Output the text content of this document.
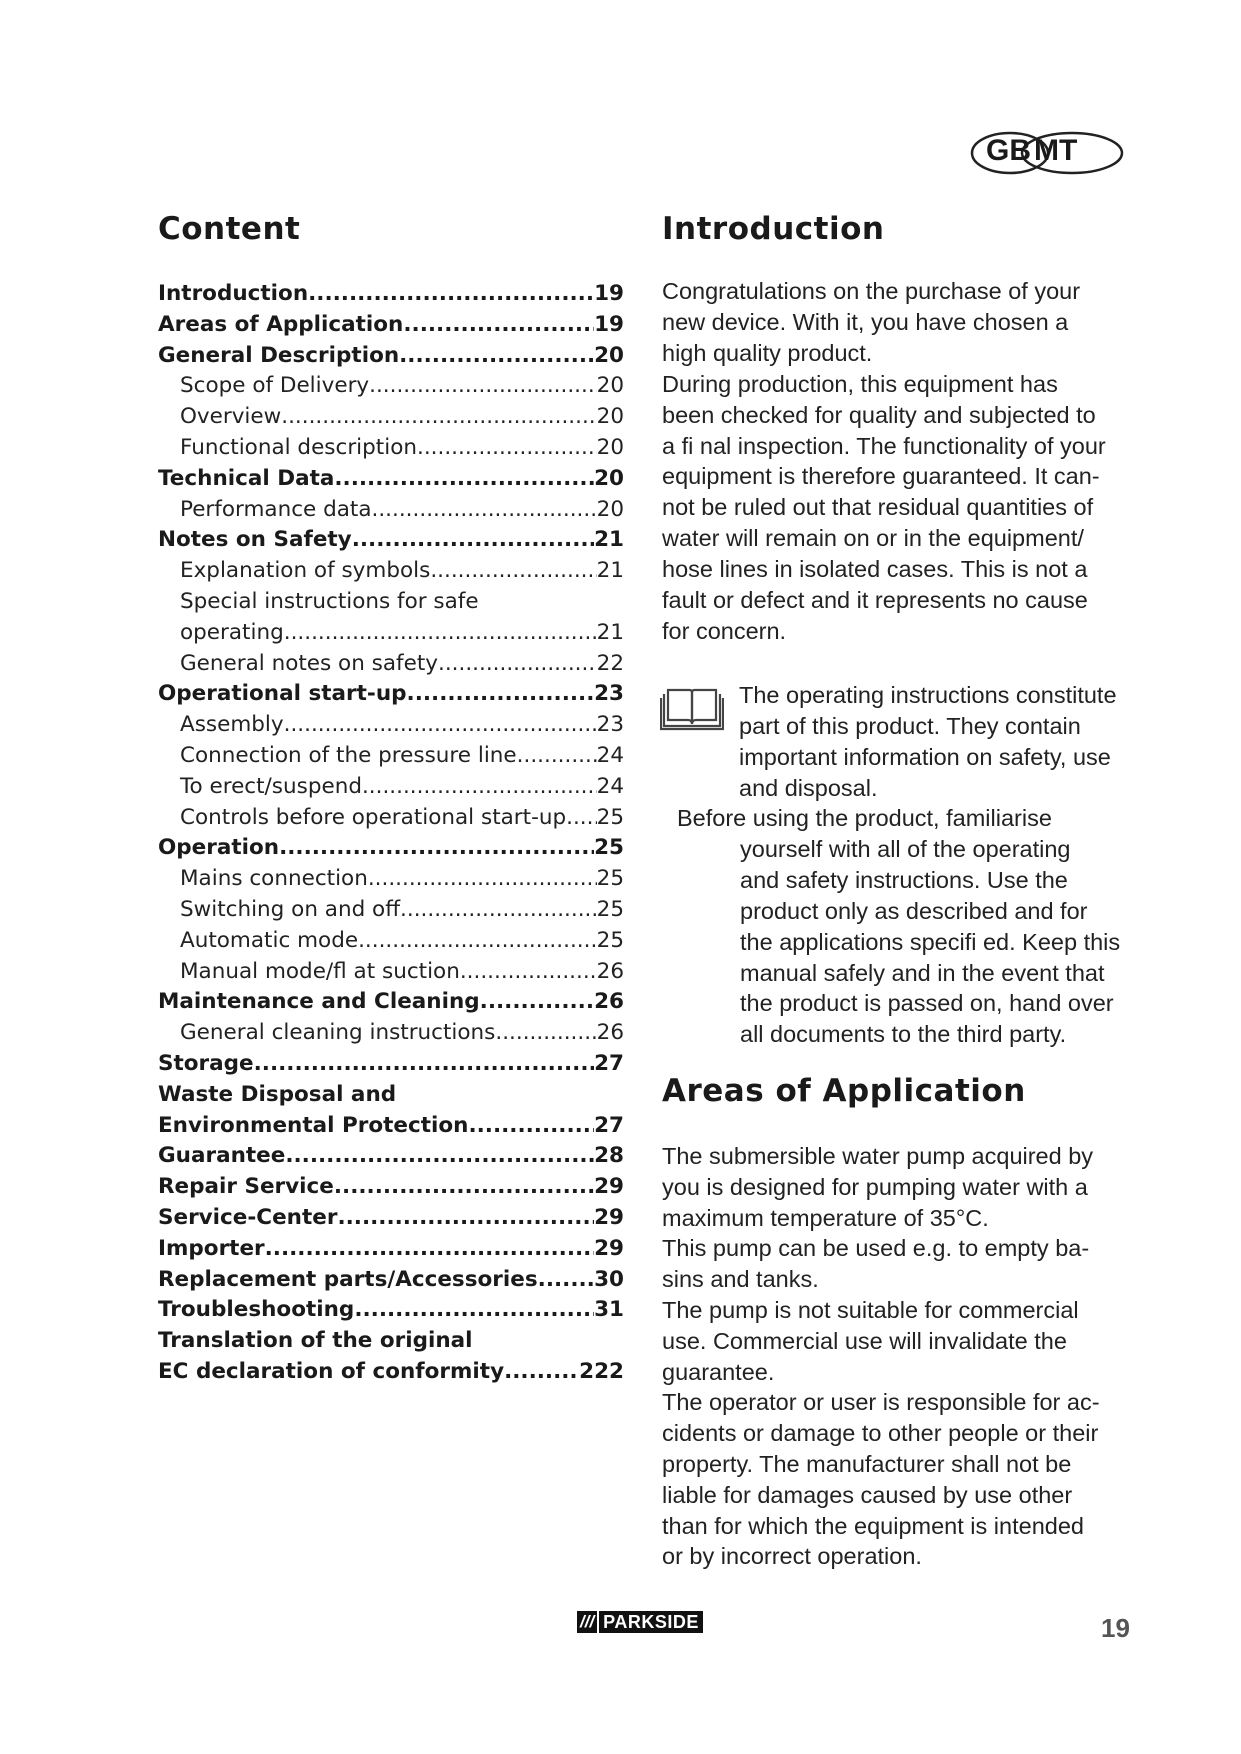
GB MT
Content
Introduction .....	19
Areas of Application .....	19
General Description .....	20
Scope of Delivery .....	20
Overview .....	20
Functional description .....	20
Technical Data .....	20
Performance data .....	20
Notes on Safety .....	21
Explanation of symbols .....	21
Special instructions for safe
operating .....	21
General notes on safety .....	22
Operational start-up .....	23
Assembly .....	23
Connection of the pressure line .....	24
To erect/suspend .....	24
Controls before operational start-up ..... 25
Operation .....	25
Mains connection .....	25
Switching on and off .....	25
Automatic mode .....	25
Manual mode/fl at suction .....	26
Maintenance and Cleaning .....	26
General cleaning instructions .....	26
Storage .....	27
Waste Disposal and
Environmental Protection .....	27
Guarantee .....	28
Repair Service .....	29
Service-Center .....	29
Importer .....	29
Replacement parts/Accessories .....	30
Troubleshooting .....	31
Translation of the original
EC declaration of conformity .....	222
Introduction
Congratulations on the purchase of your
new device. With it, you have chosen a
high quality product.
During production, this equipment has
been checked for quality and subjected to
a fi nal inspection. The functionality of your
equipment is therefore guaranteed. It can-
not be ruled out that residual quantities of
water will remain on or in the equipment/
hose lines in isolated cases. This is not a
fault or defect and it represents no cause
for concern.
The operating instructions constitute
part of this product. They contain
important information on safety, use
and disposal.
Before using the product, familiarise
yourself with all of the operating
and safety instructions. Use the
product only as described and for
the applications specifi ed. Keep this
manual safely and in the event that
the product is passed on, hand over
all documents to the third party.
Areas of Application
The submersible water pump acquired by
you is designed for pumping water with a
maximum temperature of 35°C.
This pump can be used e.g. to empty ba-
sins and tanks.
The pump is not suitable for commercial
use. Commercial use will invalidate the
guarantee.
The operator or user is responsible for ac-
cidents or damage to other people or their
property. The manufacturer shall not be
liable for damages caused by use other
than for which the equipment is intended
or by incorrect operation.
/// PARKSIDE	19
